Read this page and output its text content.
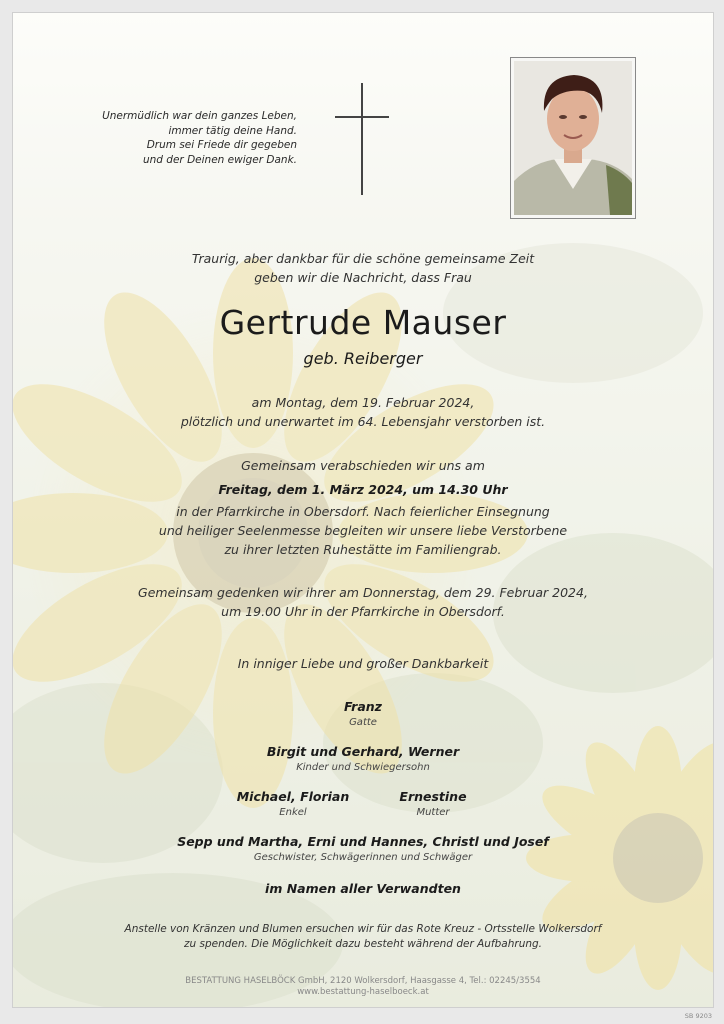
Unermüdlich war dein ganzes Leben,
immer tätig deine Hand.
Drum sei Friede dir gegeben
und der Deinen ewiger Dank.
Traurig, aber dankbar für die schöne gemeinsame Zeit
geben wir die Nachricht, dass Frau
Gertrude Mauser
geb. Reiberger
am Montag, dem 19. Februar 2024,
plötzlich und unerwartet im 64. Lebensjahr verstorben ist.
Gemeinsam verabschieden wir uns am
Freitag, dem 1. März 2024, um 14.30 Uhr
in der Pfarrkirche in Obersdorf. Nach feierlicher Einsegnung
und heiliger Seelenmesse begleiten wir unsere liebe Verstorbene
zu ihrer letzten Ruhestätte im Familiengrab.
Gemeinsam gedenken wir ihrer am Donnerstag, dem 29. Februar 2024,
um 19.00 Uhr in der Pfarrkirche in Obersdorf.
In inniger Liebe und großer Dankbarkeit
Franz
Gatte
Birgit und Gerhard, Werner
Kinder und Schwiegersohn
Michael, Florian
Enkel
Ernestine
Mutter
Sepp und Martha, Erni und Hannes, Christl und Josef
Geschwister, Schwägerinnen und Schwäger
im Namen aller Verwandten
Anstelle von Kränzen und Blumen ersuchen wir für das Rote Kreuz - Ortsstelle Wolkersdorf
zu spenden. Die Möglichkeit dazu besteht während der Aufbahrung.
BESTATTUNG HASELBÖCK GmbH, 2120 Wolkersdorf, Haasgasse 4, Tel.: 02245/3554
www.bestattung-haselboeck.at
SB 9203
